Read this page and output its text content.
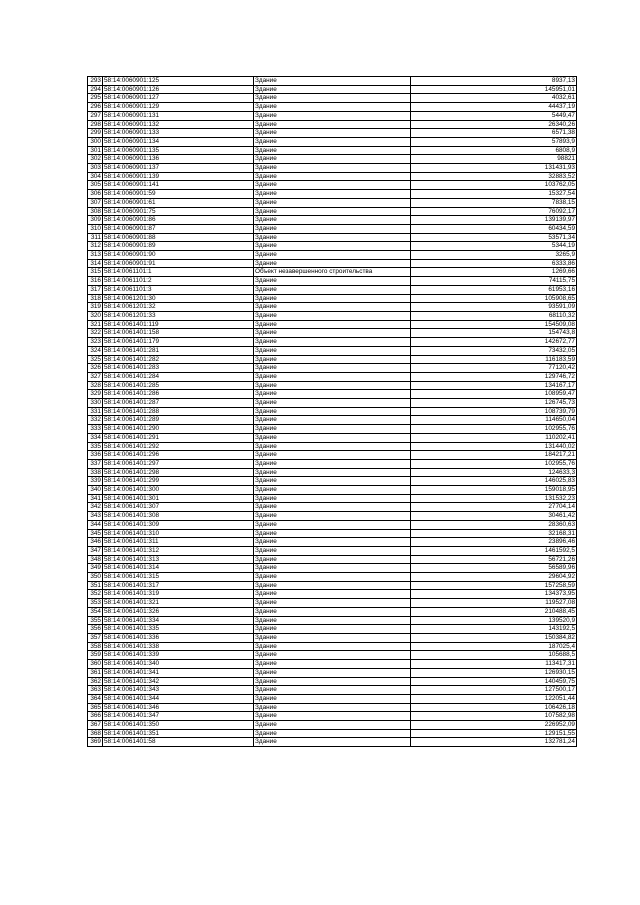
293	58:14:0060901:125	Здание	8937,13
294	58:14:0060901:126	Здание	145951,01
295	58:14:0060901:127	Здание	4032,61
296	58:14:0060901:129	Здание	44437,19
297	58:14:0060901:131	Здание	5449,47
298	58:14:0060901:132	Здание	26340,26
299	58:14:0060901:133	Здание	6571,38
300	58:14:0060901:134	Здание	57893,9
301	58:14:0060901:135	Здание	6808,9
302	58:14:0060901:136	Здание	98821
303	58:14:0060901:137	Здание	131431,93
304	58:14:0060901:139	Здание	32883,52
305	58:14:0060901:141	Здание	103762,05
306	58:14:0060901:59	Здание	15327,54
307	58:14:0060901:61	Здание	7838,15
308	58:14:0060901:75	Здание	76092,17
309	58:14:0060901:86	Здание	139139,97
310	58:14:0060901:87	Здание	60434,59
311	58:14:0060901:88	Здание	53571,34
312	58:14:0060901:89	Здание	5344,19
313	58:14:0060901:90	Здание	3265,9
314	58:14:0060901:91	Здание	6333,86
315	58:14:0061101:1	Объект незавершенного строительства	1269,66
316	58:14:0061101:2	Здание	74115,75
317	58:14:0061101:3	Здание	61953,16
318	58:14:0061201:30	Здание	105908,65
319	58:14:0061201:32	Здание	93591,09
320	58:14:0061201:33	Здание	68110,32
321	58:14:0061401:119	Здание	154509,08
322	58:14:0061401:158	Здание	154743,8
323	58:14:0061401:179	Здание	142672,77
324	58:14:0061401:281	Здание	73432,05
325	58:14:0061401:282	Здание	116183,59
326	58:14:0061401:283	Здание	77120,42
327	58:14:0061401:284	Здание	129746,72
328	58:14:0061401:285	Здание	134167,17
329	58:14:0061401:286	Здание	108959,47
330	58:14:0061401:287	Здание	126745,73
331	58:14:0061401:288	Здание	108739,79
332	58:14:0061401:289	Здание	114650,04
333	58:14:0061401:290	Здание	102955,76
334	58:14:0061401:291	Здание	110202,41
335	58:14:0061401:292	Здание	131440,02
336	58:14:0061401:296	Здание	184217,21
337	58:14:0061401:297	Здание	102955,76
338	58:14:0061401:298	Здание	124633,3
339	58:14:0061401:299	Здание	146025,83
340	58:14:0061401:300	Здание	159018,95
341	58:14:0061401:301	Здание	131532,23
342	58:14:0061401:307	Здание	27704,14
343	58:14:0061401:308	Здание	30461,42
344	58:14:0061401:309	Здание	28360,63
345	58:14:0061401:310	Здание	32168,31
346	58:14:0061401:311	Здание	23896,46
347	58:14:0061401:312	Здание	1461592,5
348	58:14:0061401:313	Здание	56721,26
349	58:14:0061401:314	Здание	56589,96
350	58:14:0061401:315	Здание	29604,92
351	58:14:0061401:317	Здание	157258,59
352	58:14:0061401:319	Здание	134373,95
353	58:14:0061401:321	Здание	119527,08
354	58:14:0061401:326	Здание	210488,45
355	58:14:0061401:334	Здание	139520,9
356	58:14:0061401:335	Здание	143192,5
357	58:14:0061401:336	Здание	150384,82
358	58:14:0061401:338	Здание	187025,4
359	58:14:0061401:339	Здание	105688,5
360	58:14:0061401:340	Здание	113417,31
361	58:14:0061401:341	Здание	126930,15
362	58:14:0061401:342	Здание	140459,75
363	58:14:0061401:343	Здание	127500,17
364	58:14:0061401:344	Здание	122051,44
365	58:14:0061401:346	Здание	106426,18
366	58:14:0061401:347	Здание	107582,98
367	58:14:0061401:350	Здание	226952,09
368	58:14:0061401:351	Здание	129151,55
369	58:14:0061401:58	Здание	132781,24
